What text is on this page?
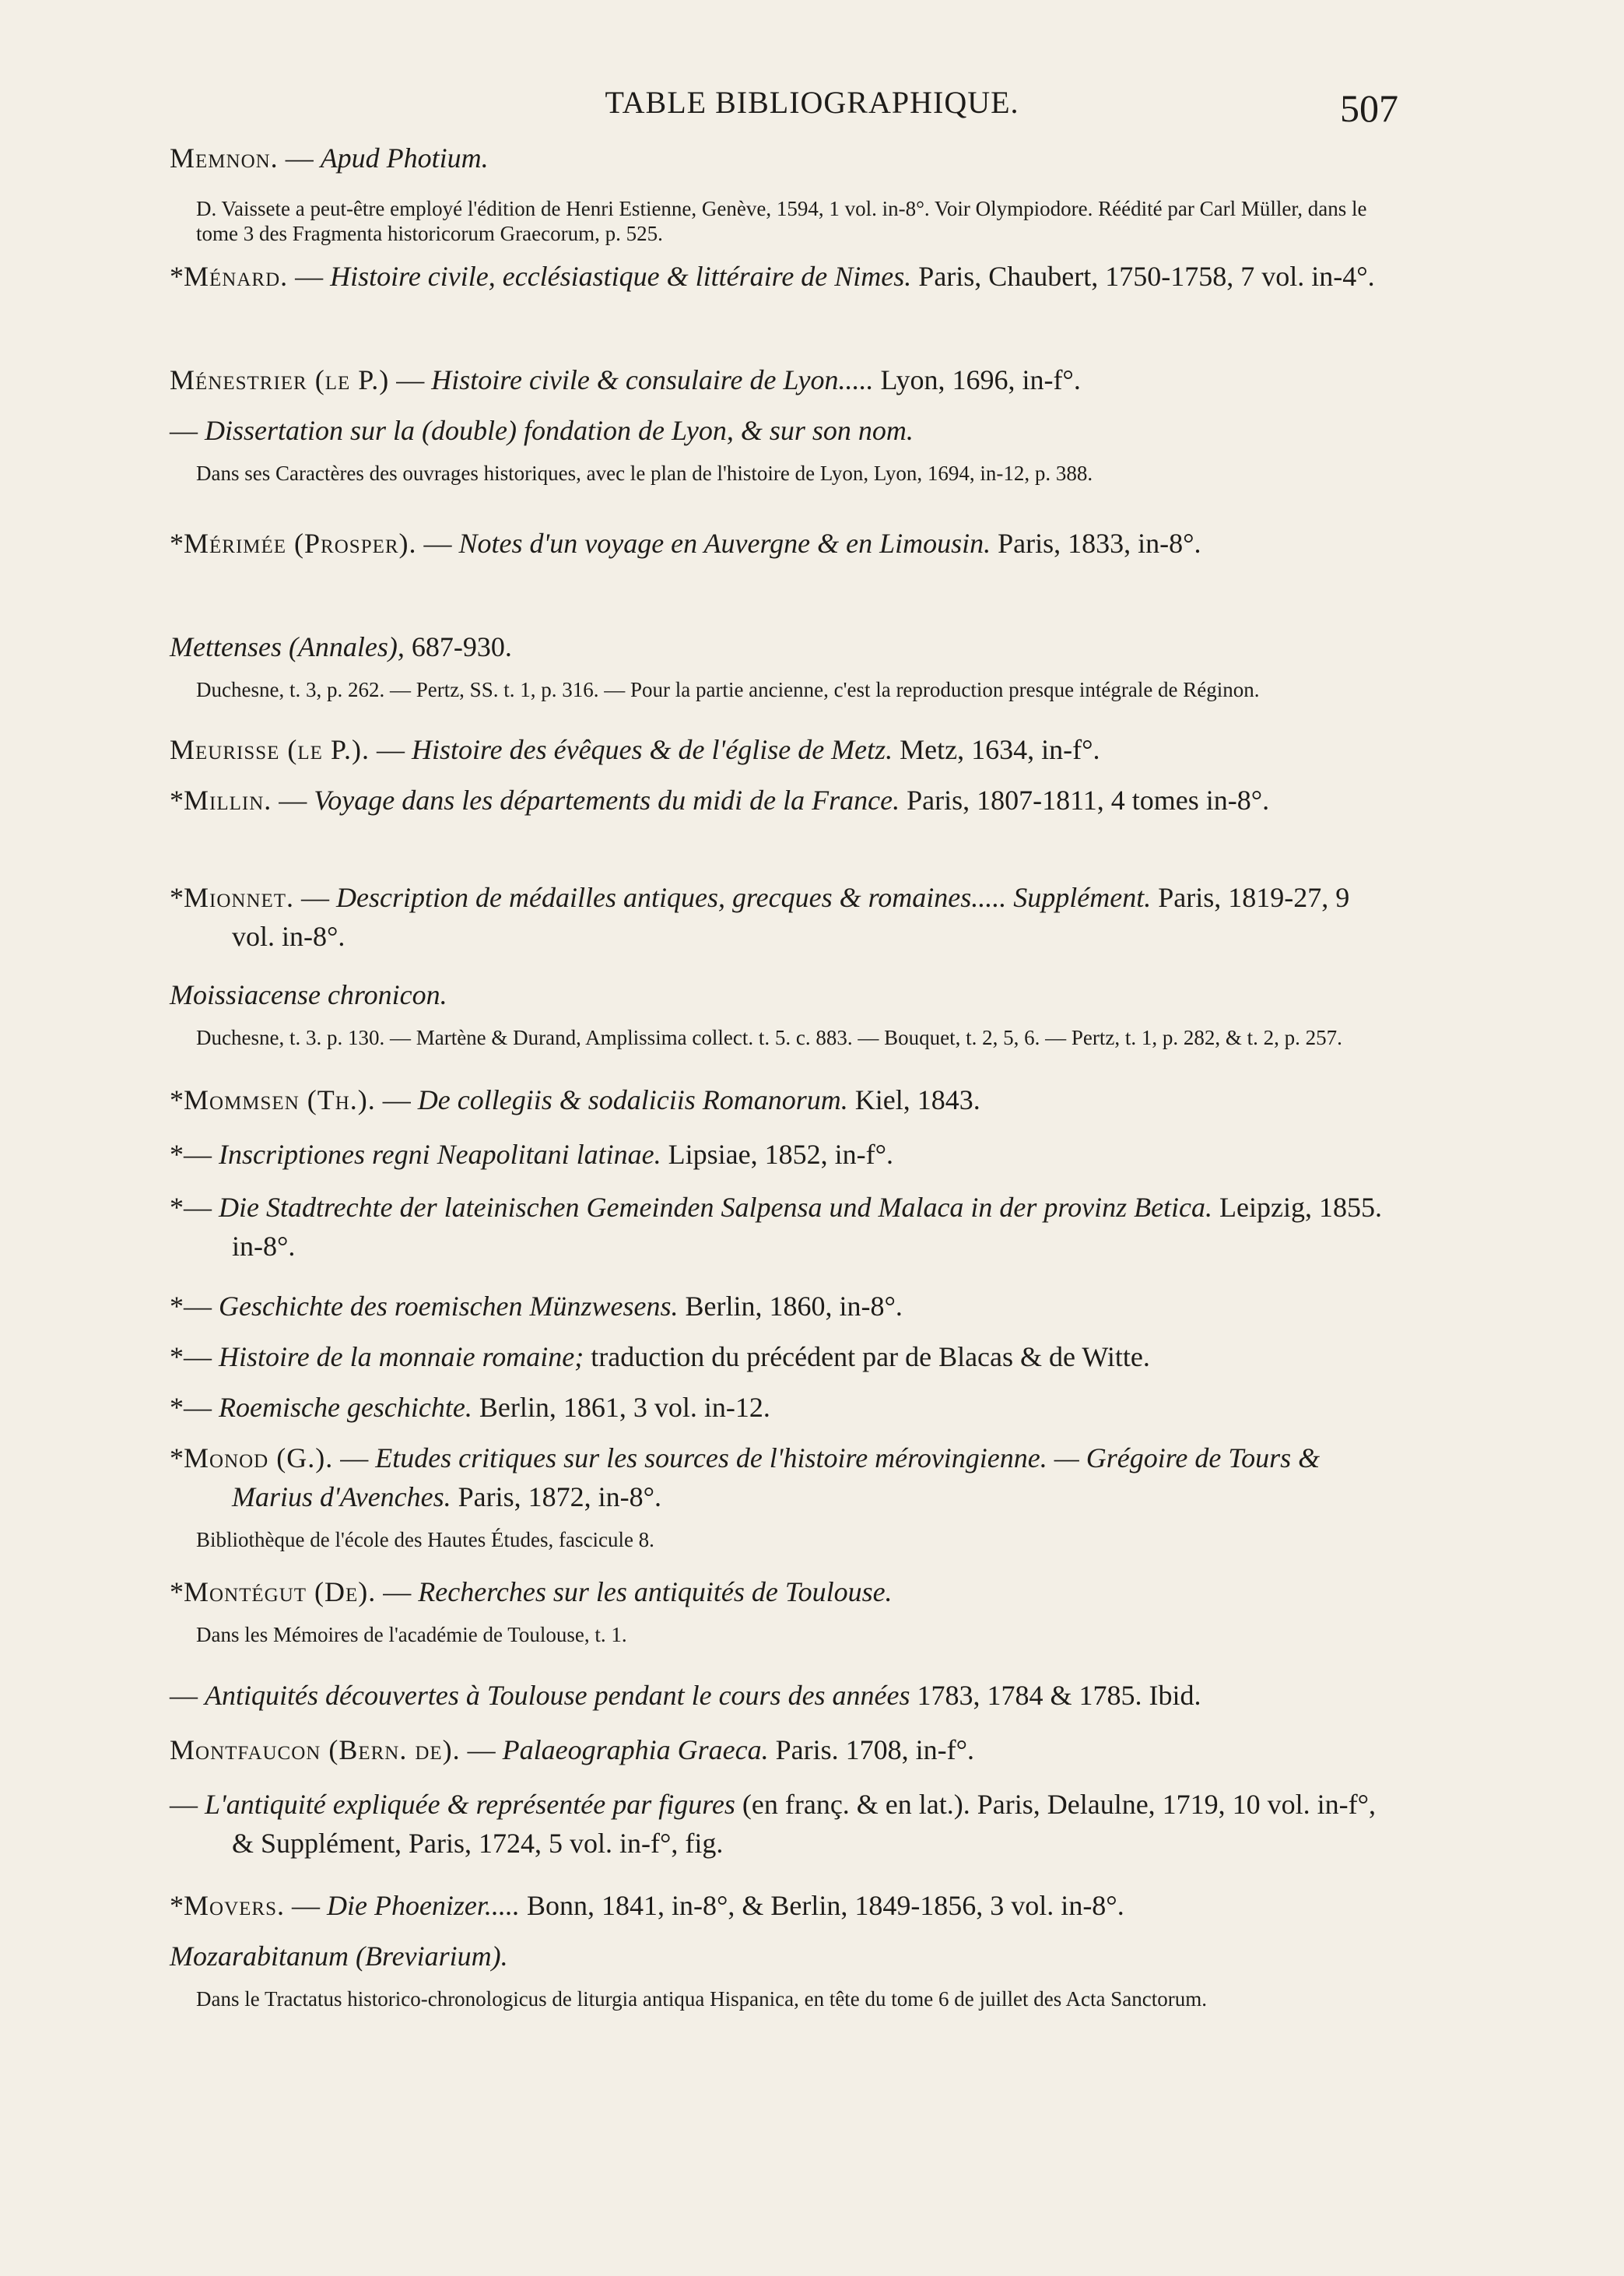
TABLE BIBLIOGRAPHIQUE.	507

Memnon. — Apud Photium.

D. Vaissete a peut-être employé l'édition de Henri Estienne, Genève, 1594, 1 vol. in-8°. Voir Olympiodore. Réédité par Carl Müller, dans le tome 3 des Fragmenta historicorum Graecorum, p. 525.

*Ménard. — Histoire civile, ecclésiastique & littéraire de Nimes. Paris, Chaubert, 1750-1758, 7 vol. in-4°.

Ménestrier (le P.) — Histoire civile & consulaire de Lyon..... Lyon, 1696, in-f°.

— Dissertation sur la (double) fondation de Lyon, & sur son nom.

Dans ses Caractères des ouvrages historiques, avec le plan de l'histoire de Lyon, Lyon, 1694, in-12, p. 388.

*Mérimée (Prosper). — Notes d'un voyage en Auvergne & en Limousin. Paris, 1833, in-8°.

Mettenses (Annales), 687-930.

Duchesne, t. 3, p. 262. — Pertz, SS. t. 1, p. 316. — Pour la partie ancienne, c'est la reproduction presque intégrale de Réginon.

Meurisse (le P.). — Histoire des évêques & de l'église de Metz. Metz, 1634, in-f°.

*Millin. — Voyage dans les départements du midi de la France. Paris, 1807-1811, 4 tomes in-8°.

*Mionnet. — Description de médailles antiques, grecques & romaines..... Supplément. Paris, 1819-27, 9 vol. in-8°.

Moissiacense chronicon.

Duchesne, t. 3. p. 130. — Martène & Durand, Amplissima collect. t. 5. c. 883. — Bouquet, t. 2, 5, 6. — Pertz, t. 1, p. 282, & t. 2, p. 257.

*Mommsen (Th.). — De collegiis & sodaliciis Romanorum. Kiel, 1843.

*— Inscriptiones regni Neapolitani latinae. Lipsiae, 1852, in-f°.

*— Die Stadtrechte der lateinischen Gemeinden Salpensa und Malaca in der provinz Betica. Leipzig, 1855. in-8°.

*— Geschichte des roemischen Münzwesens. Berlin, 1860, in-8°.

*— Histoire de la monnaie romaine; traduction du précédent par de Blacas & de Witte.

*— Roemische geschichte. Berlin, 1861, 3 vol. in-12.

*Monod (G.). — Etudes critiques sur les sources de l'histoire mérovingienne. — Grégoire de Tours & Marius d'Avenches. Paris, 1872, in-8°.

Bibliothèque de l'école des Hautes Études, fascicule 8.

*Montégut (De). — Recherches sur les antiquités de Toulouse.

Dans les Mémoires de l'académie de Toulouse, t. 1.

— Antiquités découvertes à Toulouse pendant le cours des années 1783, 1784 & 1785. Ibid.

Montfaucon (Bern. de). — Palaeographia Graeca. Paris. 1708, in-f°.

— L'antiquité expliquée & représentée par figures (en franç. & en lat.). Paris, Delaulne, 1719, 10 vol. in-f°, & Supplément, Paris, 1724, 5 vol. in-f°, fig.

*Movers. — Die Phoenizer..... Bonn, 1841, in-8°, & Berlin, 1849-1856, 3 vol. in-8°.

Mozarabitanum (Breviarium).

Dans le Tractatus historico-chronologicus de liturgia antiqua Hispanica, en tête du tome 6 de juillet des Acta Sanctorum.
